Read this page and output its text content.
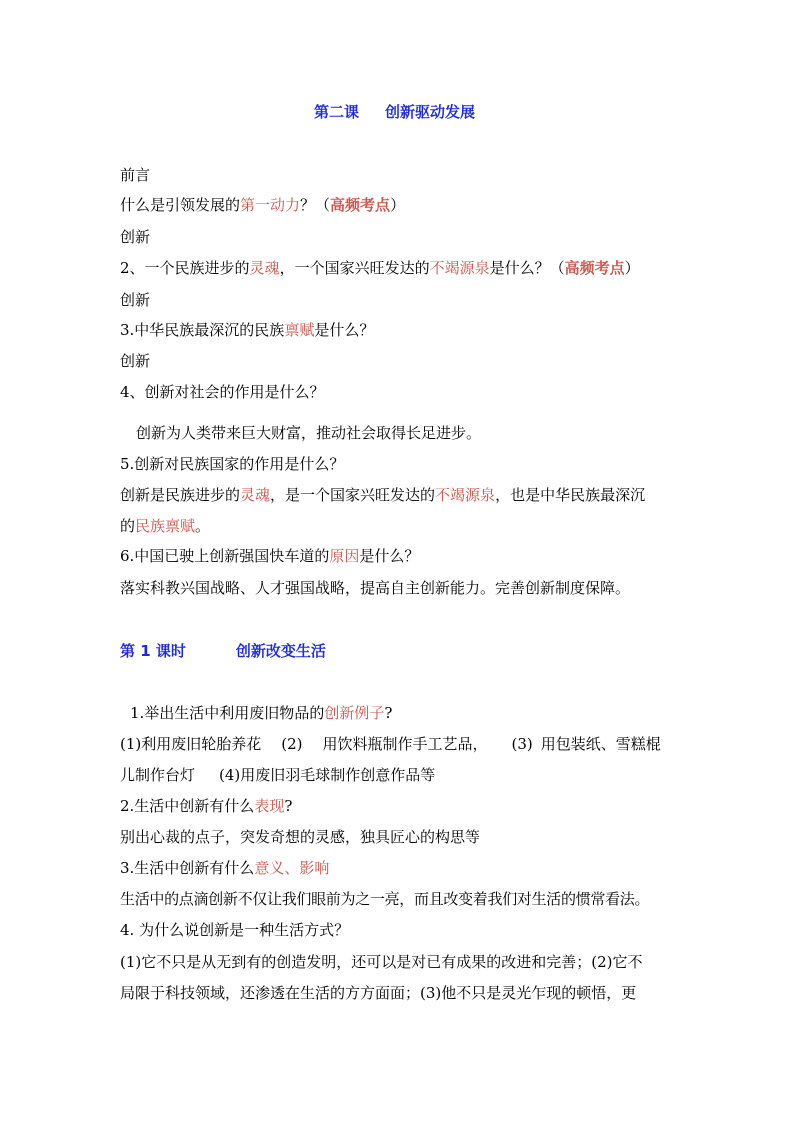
第二课 创新驱动发展
前言
什么是引领发展的第一动力？（高频考点）
创新
2、一个民族进步的灵魂，一个国家兴旺发达的不竭源泉是什么？（高频考点）
创新
3.中华民族最深沉的民族禀赋是什么？
创新
4、创新对社会的作用是什么？
创新为人类带来巨大财富，推动社会取得长足进步。
5.创新对民族国家的作用是什么？
创新是民族进步的灵魂，是一个国家兴旺发达的不竭源泉，也是中华民族最深沉
的民族禀赋。
6.中国已驶上创新强国快车道的原因是什么？
落实科教兴国战略、人才强国战略，提高自主创新能力。完善创新制度保障。
第 1 课时	创新改变生活
1.举出生活中利用废旧物品的创新例子?
(1)利用废旧轮胎养花 (2) 用饮料瓶制作手工艺品， (3) 用包装纸、雪糕棍
儿制作台灯 (4)用废旧羽毛球制作创意作品等
2.生活中创新有什么表现?
别出心裁的点子，突发奇想的灵感，独具匠心的构思等
3.生活中创新有什么意义、影响
生活中的点滴创新不仅让我们眼前为之一亮，而且改变着我们对生活的惯常看法。
4. 为什么说创新是一种生活方式？
(1)它不只是从无到有的创造发明，还可以是对已有成果的改进和完善；(2)它不
局限于科技领域，还渗透在生活的方方面面；(3)他不只是灵光乍现的顿悟，更
